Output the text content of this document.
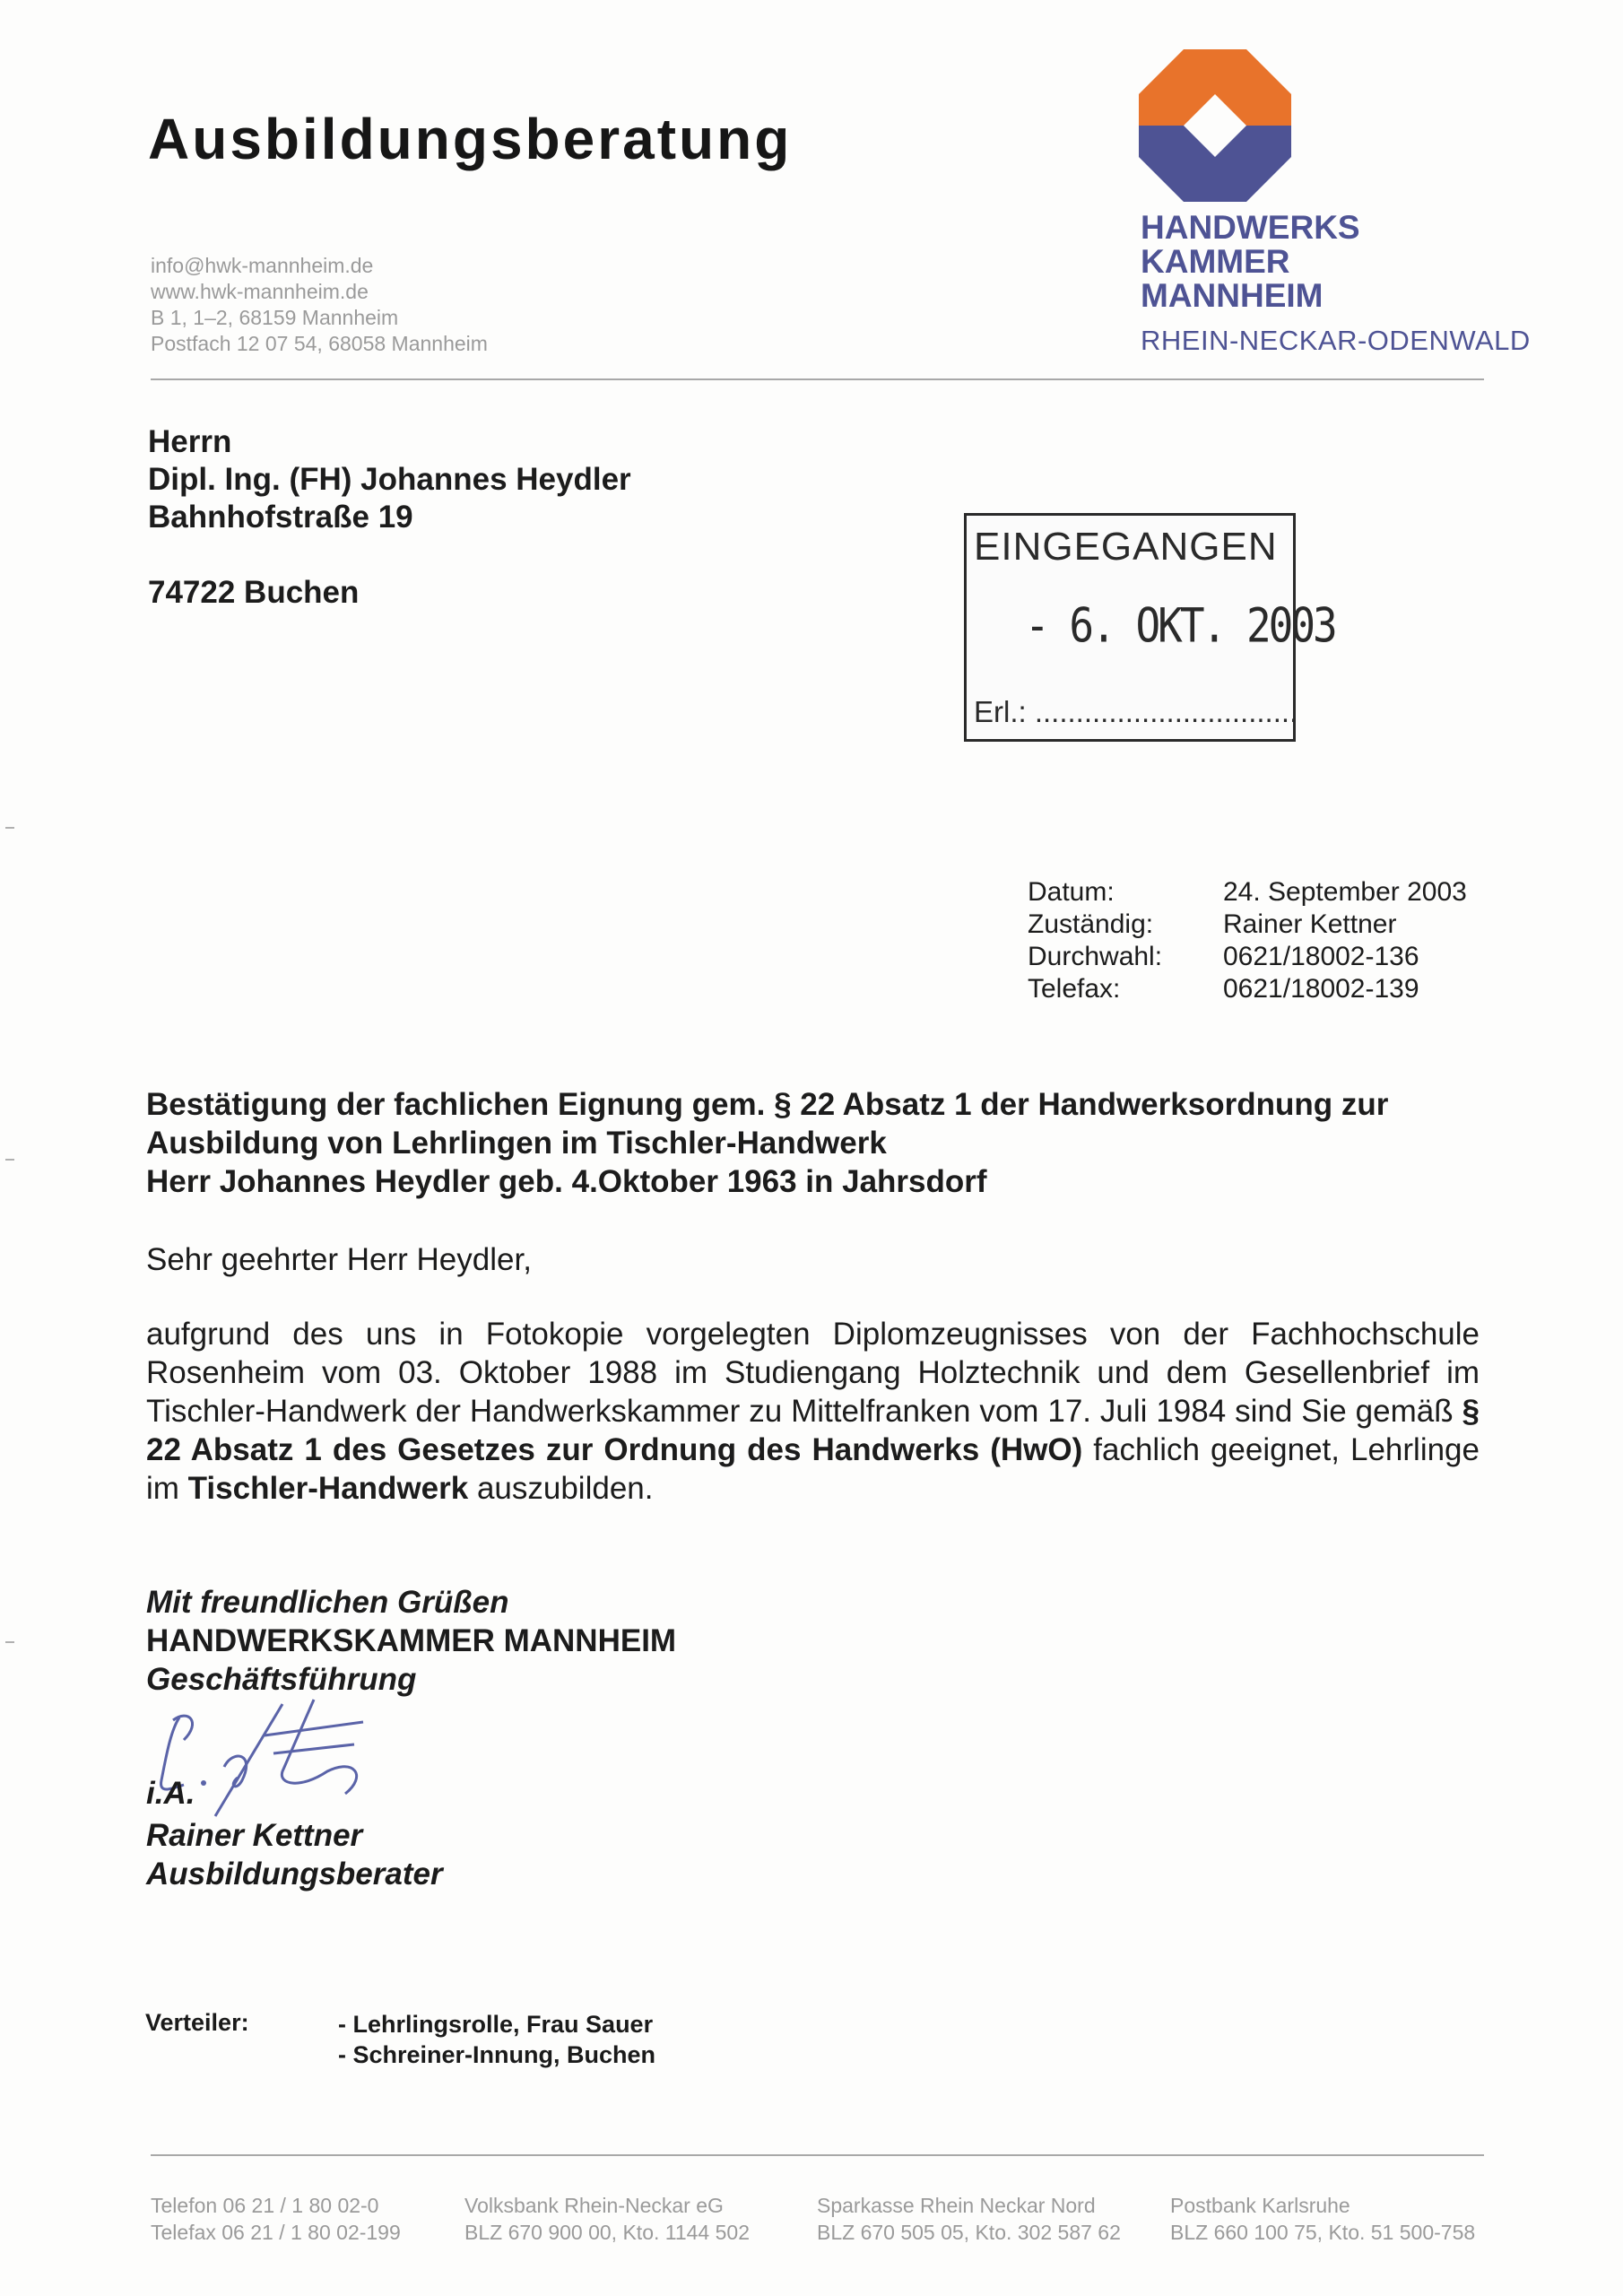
Ausbildungsberatung
info@hwk-mannheim.de
www.hwk-mannheim.de
B 1, 1–2, 68159 Mannheim
Postfach 12 07 54, 68058 Mannheim
HANDWERKS
KAMMER
MANNHEIM
RHEIN-NECKAR-ODENWALD
Herrn
Dipl. Ing. (FH) Johannes Heydler
Bahnhofstraße 19
74722 Buchen
EINGEGANGEN
- 6. OKT. 2003
Erl.: ................................
Datum:	24. September 2003
Zuständig:	Rainer Kettner
Durchwahl:	0621/18002-136
Telefax:	0621/18002-139
Bestätigung der fachlichen Eignung gem. § 22 Absatz 1 der Handwerksordnung zur
Ausbildung von Lehrlingen im Tischler-Handwerk
Herr Johannes Heydler geb. 4.Oktober 1963 in Jahrsdorf
Sehr geehrter Herr Heydler,
aufgrund des uns in Fotokopie vorgelegten Diplomzeugnisses von der Fachhochschule Rosenheim vom 03. Oktober 1988 im Studiengang Holztechnik und dem Gesellenbrief im Tischler-Handwerk der Handwerkskammer zu Mittelfranken vom 17. Juli 1984 sind Sie gemäß § 22 Absatz 1 des Gesetzes zur Ordnung des Handwerks (HwO) fachlich geeignet, Lehrlinge im Tischler-Handwerk auszubilden.
Mit freundlichen Grüßen
HANDWERKSKAMMER MANNHEIM
Geschäftsführung
i.A.
Rainer Kettner
Ausbildungsberater
Verteiler:	- Lehrlingsrolle, Frau Sauer
- Schreiner-Innung, Buchen
Telefon 06 21 / 1 80 02-0
Telefax 06 21 / 1 80 02-199
Volksbank Rhein-Neckar eG
BLZ 670 900 00, Kto. 1144 502
Sparkasse Rhein Neckar Nord
BLZ 670 505 05, Kto. 302 587 62
Postbank Karlsruhe
BLZ 660 100 75, Kto. 51 500-758
